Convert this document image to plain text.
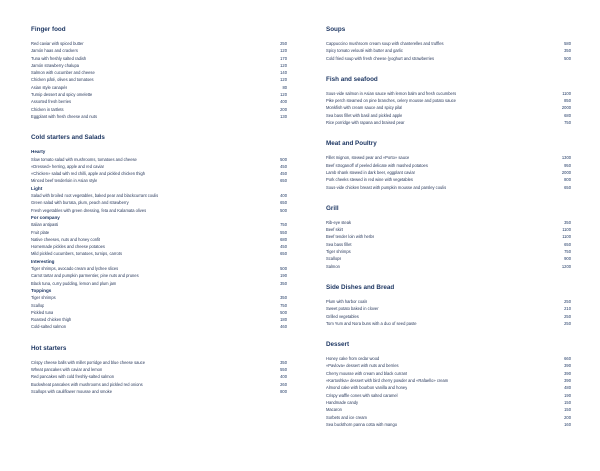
Finger food
Red caviar with spiced butter	250
Jamón haas and crackers	120
Tuna with freshly salted radish	170
Jamón strawberry chalupa	120
Salmon with cucumber and cheese	140
Chicken pâté, olives and tomatoes	120
Asian style canapés	80
Turnip dessert and spicy omelette	120
Assorted fresh berries	400
Chicken in tartlets	200
Eggplant with fresh cheese and nuts	130
Cold starters and Salads
Hearty
Slow tomato salad with mushrooms, tomatoes and cheese	500
«Dressed» herring, apple and red caviar	450
«Chicken» salad with red chilli, apple and pickled chicken thigh	450
Minced beef tenderloin in Asian style	650
Light
Salad with broiled root vegetables, baked pear and blackcurrant coulis	400
Green salad with burrata, plum, peach and strawberry	650
Fresh vegetables with green dressing, feta and Kalamata olives	500
For company
Italian antipasti	750
Fruit plate	550
Native cheeses, nuts and honey confit	680
Homemade pickles and cheese potatoes	450
Mild pickled cucumbers, tomatoes, turnips, carrots	650
Interesting
Tiger shrimps, avocado cream and lychee slices	500
Carrot tartar and pumpkin parmentier, pine nuts and prunes	190
Black tuna, curry pudding, lemon and plum jam	350
Toppings
Tiger shrimps	350
Scallop	750
Pickled tuna	500
Roasted chicken thigh	180
Cold-salted salmon	460
Hot starters
Crispy cheese balls with millet porridge and blue cheese sauce	350
Wheat pancakes with caviar and lemon	550
Red pancakes with cold freshly-salted salmon	400
Buckwheat pancakes with mushrooms and pickled red onions	260
Scallops with cauliflower mousse and smoke	800
Soups
Cappuccino mushroom cream soup with chanterelles and truffles	580
Spicy tomato velouté with butter and garlic	350
Cold fried soup with fresh cheese (yoghurt and strawberries	500
Fish and seafood
Sous-vide salmon in Asian sauce with lemon balm and fresh cucumbers	1100
Pike perch steamed on pine branches, celery mousse and potato sauce	850
Monkfish with cream sauce and spicy pilaf	2000
Sea bass fillet with basil and pickled apple	680
Rice porridge with rapana and braised pear	750
Meat and Poultry
Fillet mignon, stewed pear and «Porto» sauce	1300
Beef stroganoff of peeled delicate with mashed potatoes	950
Lamb shank stewed in dark beer, eggplant caviar	2000
Pork cheeks stewed in red wine with vegetables	800
Sous-vide chicken breast with pumpkin mousse and parsley coulis	650
Grill
Rib-eye steak	350
Beef skirt	1100
Beef tender loin with herbs	1100
Sea bass fillet	650
Tiger shrimps	750
Scallops	900
Salmon	1200
Side Dishes and Bread
Plum with harbor coals	250
Sweet potato baked in clover	210
Grilled vegetables	250
Tom Yum and Nora buns with a duo of seed paste	250
Dessert
Honey cake from cedar wood	660
«Pavlova» dessert with nuts and berries	390
Cherry mousse with cream and black currant	390
«Kartoshka» dessert with bird cherry powder and «Rafaello» cream	390
Almond cake with bourbon vanilla and honey	480
Crispy waffle cones with salted caramel	190
Handmade candy	150
Macaron	150
Sorbets and ice cream	200
Sea buckthorn panna cotta with mango	160
